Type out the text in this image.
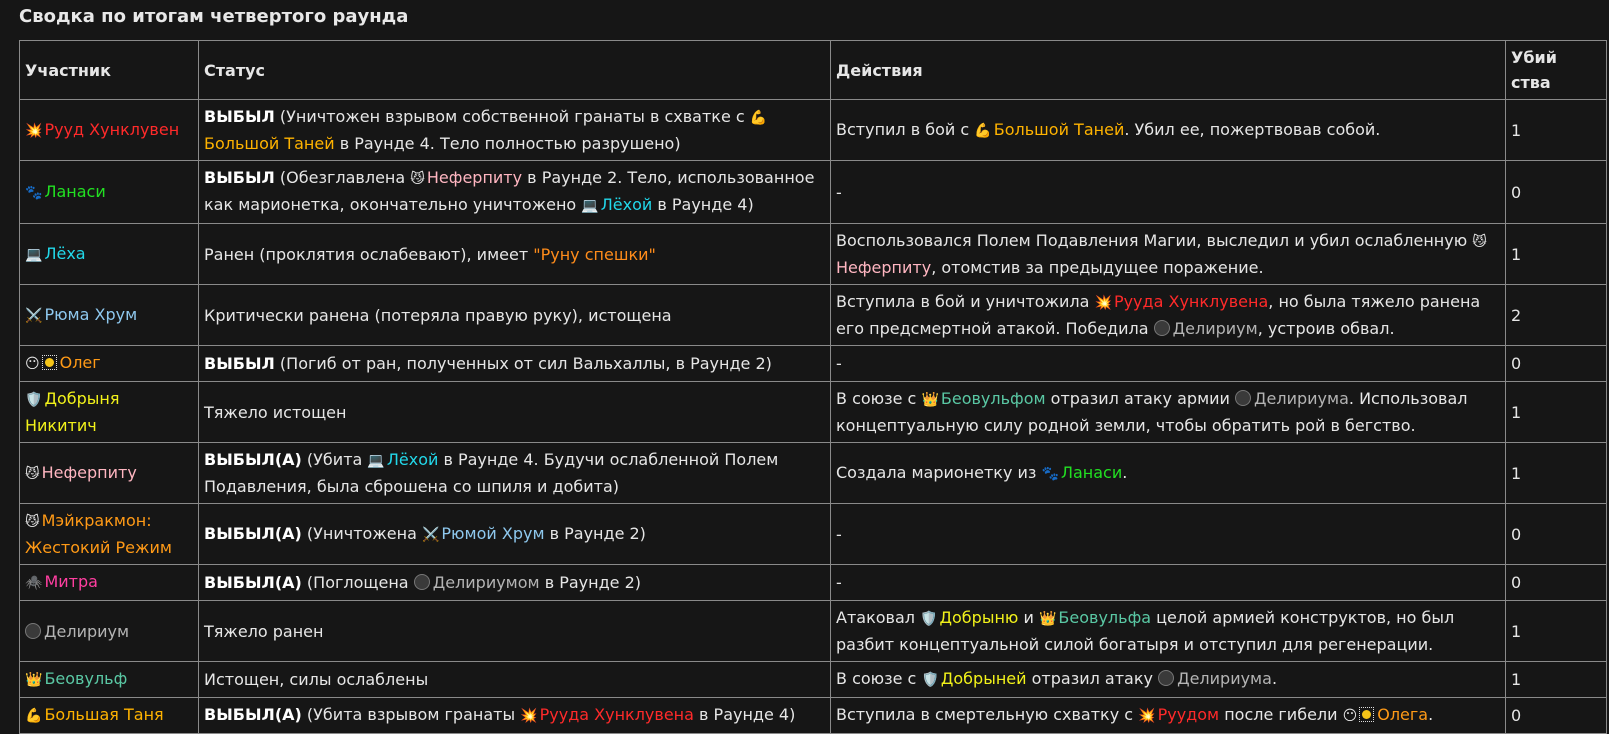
Сводка по итогам четвертого раунда
Участник	Статус	Действия	Убий
ства
💥 Рууд Хунклувен	ВЫБЫЛ (Уничтожен взрывом собственной гранаты в схватке с 💪Большой Таней в Раунде 4. Тело полностью разрушено)	Вступил в бой с 💪 Большой Таней. Убил ее, пожертвовав собой.	1
🐾 Ланаси	ВЫБЫЛ (Обезглавлена 😼 Неферпиту в Раунде 2. Тело, использованное как марионетка, окончательно уничтожено 💻 Лёхой в Раунде 4)	-	0
💻 Лёха	Ранен (проклятия ослабевают), имеет "Руну спешки"	Воспользовался Полем Подавления Магии, выследил и убил ослабленную 😼Неферпиту, отомстив за предыдущее поражение.	1
⚔️ Рюма Хрум	Критически ранена (потеряла правую руку), истощена	Вступила в бой и уничтожила 💥 Рууда Хунклувена, но была тяжело ранена его предсмертной атакой. Победила Делириум, устроив обвал.	2
😶 Олег	ВЫБЫЛ (Погиб от ран, полученных от сил Вальхаллы, в Раунде 2)	-	0
🛡️ Добрыня Никитич	Тяжело истощен	В союзе с 👑 Беовульфом отразил атаку армии Делириума. Использовал концептуальную силу родной земли, чтобы обратить рой в бегство.	1
😼 Неферпиту	ВЫБЫЛ(А) (Убита 💻 Лёхой в Раунде 4. Будучи ослабленной Полем Подавления, была сброшена со шпиля и добита)	Создала марионетку из 🐾 Ланаси.	1
😼 Мэйкракмон: Жестокий Режим	ВЫБЫЛ(А) (Уничтожена ⚔️ Рюмой Хрум в Раунде 2)	-	0
🕷️ Митра	ВЫБЫЛ(А) (Поглощена Делириумом в Раунде 2)	-	0
Делириум	Тяжело ранен	Атаковал 🛡️ Добрыню и 👑 Беовульфа целой армией конструктов, но был разбит концептуальной силой богатыря и отступил для регенерации.	1
👑 Беовульф	Истощен, силы ослаблены	В союзе с 🛡️ Добрыней отразил атаку Делириума.	1
💪 Большая Таня	ВЫБЫЛ(А) (Убита взрывом гранаты 💥 Рууда Хунклувена в Раунде 4)	Вступила в смертельную схватку с 💥 Руудом после гибели 😶 Олега.	0
